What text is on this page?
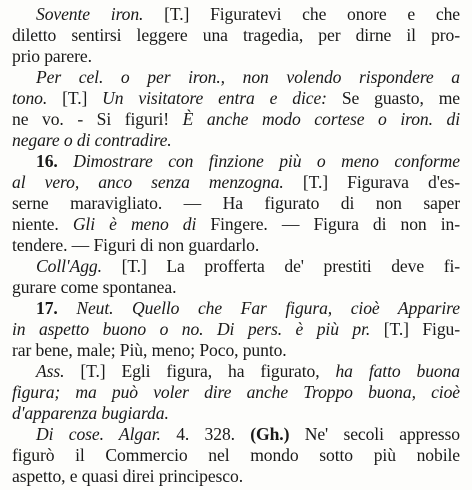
Sovente iron. [T.] Figuratevi che onore e che
diletto sentirsi leggere una tragedia, per dirne il pro-
prio parere.
Per cel. o per iron., non volendo rispondere a
tono. [T.] Un visitatore entra e dice: Se guasto, me
ne vo. - Si figuri! È anche modo cortese o iron. di
negare o di contradire.
16. Dimostrare con finzione più o meno conforme
al vero, anco senza menzogna. [T.] Figurava d'es-
serne maravigliato. — Ha figurato di non saper
niente. Gli è meno di Fingere. — Figura di non in-
tendere. — Figuri di non guardarlo.
Coll'Agg. [T.] La profferta de' prestiti deve fi-
gurare come spontanea.
17. Neut. Quello che Far figura, cioè Apparire
in aspetto buono o no. Di pers. è più pr. [T.] Figu-
rar bene, male; Più, meno; Poco, punto.
Ass. [T.] Egli figura, ha figurato, ha fatto buona
figura; ma può voler dire anche Troppo buona, cioè
d'apparenza bugiarda.
Di cose. Algar. 4. 328. (Gh.) Ne' secoli appresso
figurò il Commercio nel mondo sotto più nobile
aspetto, e quasi direi principesco.
